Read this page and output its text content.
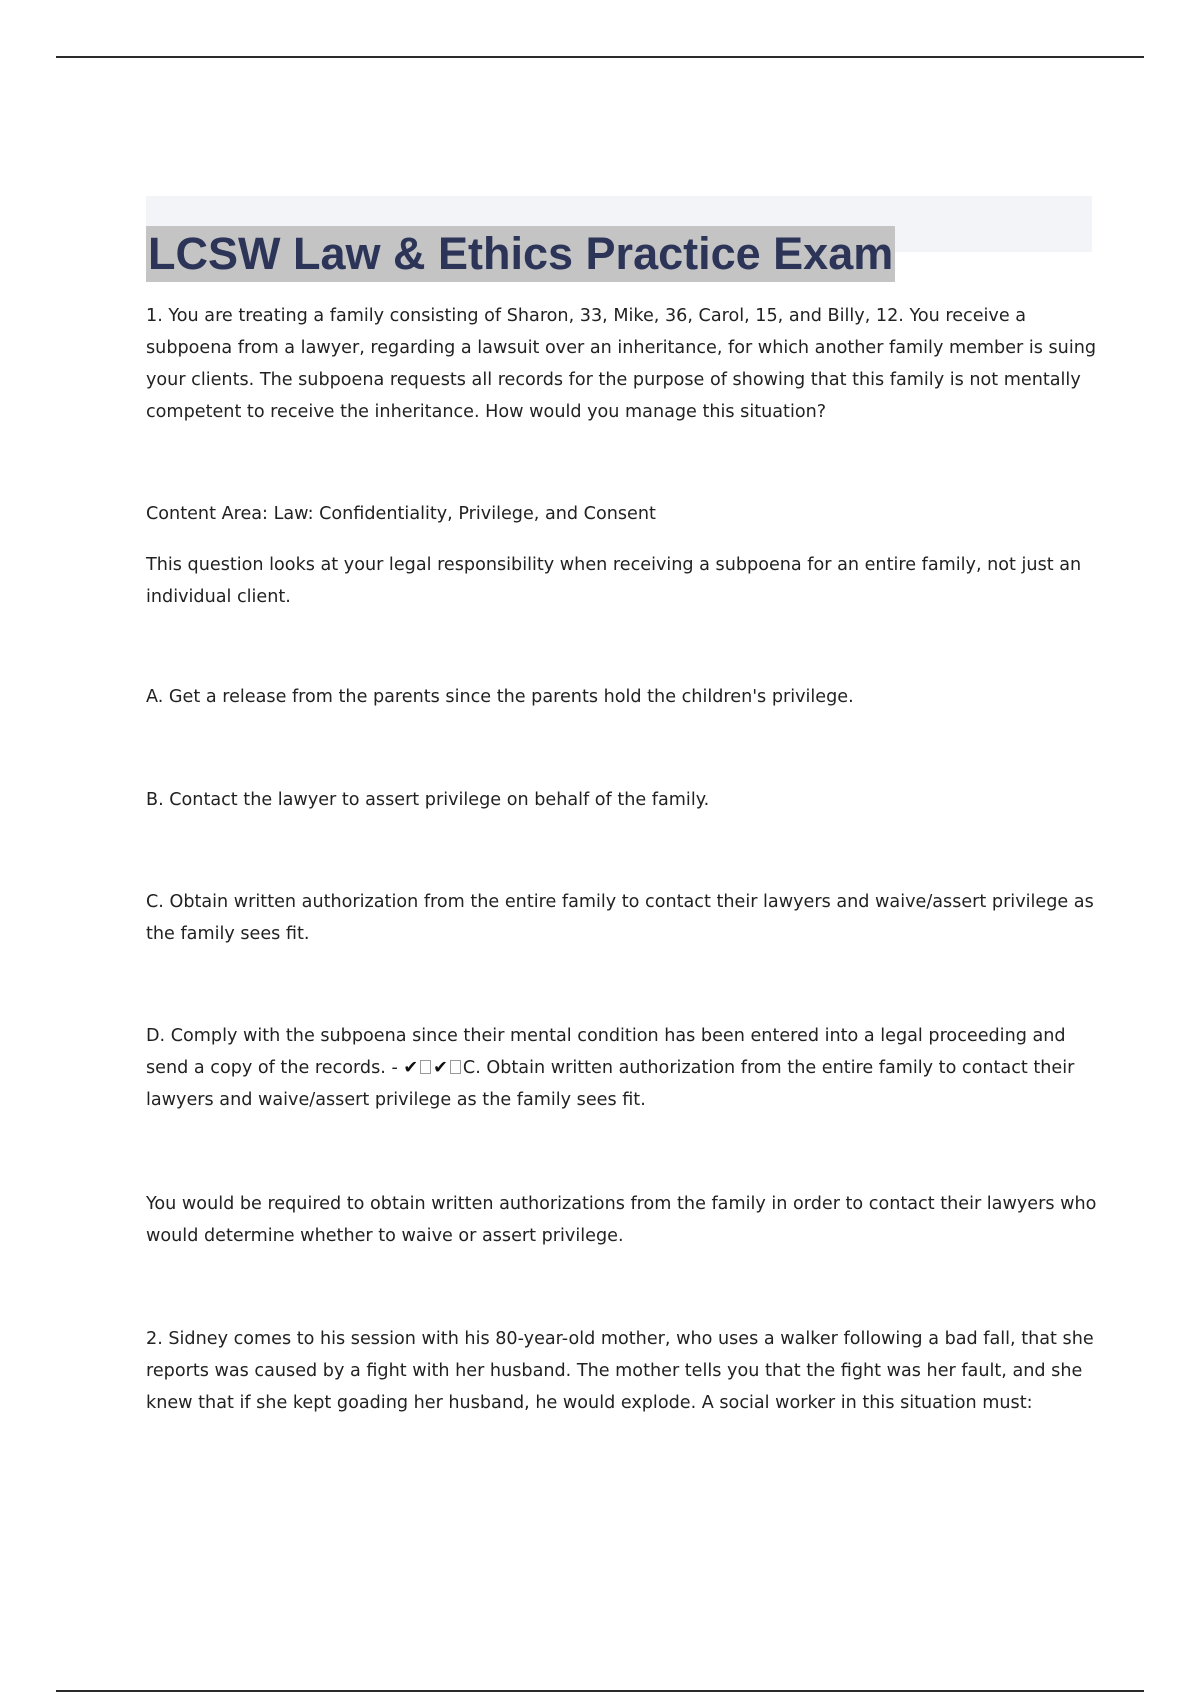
LCSW Law & Ethics Practice Exam

1. You are treating a family consisting of Sharon, 33, Mike, 36, Carol, 15, and Billy, 12. You receive a subpoena from a lawyer, regarding a lawsuit over an inheritance, for which another family member is suing your clients. The subpoena requests all records for the purpose of showing that this family is not mentally competent to receive the inheritance. How would you manage this situation?

Content Area: Law: Confidentiality, Privilege, and Consent

This question looks at your legal responsibility when receiving a subpoena for an entire family, not just an individual client.

A. Get a release from the parents since the parents hold the children's privilege.

B. Contact the lawyer to assert privilege on behalf of the family.

C. Obtain written authorization from the entire family to contact their lawyers and waive/assert privilege as the family sees fit.

D. Comply with the subpoena since their mental condition has been entered into a legal proceeding and send a copy of the records. - ✔ ✔ C. Obtain written authorization from the entire family to contact their lawyers and waive/assert privilege as the family sees fit.

You would be required to obtain written authorizations from the family in order to contact their lawyers who would determine whether to waive or assert privilege.

2. Sidney comes to his session with his 80-year-old mother, who uses a walker following a bad fall, that she reports was caused by a fight with her husband. The mother tells you that the fight was her fault, and she knew that if she kept goading her husband, he would explode. A social worker in this situation must:
